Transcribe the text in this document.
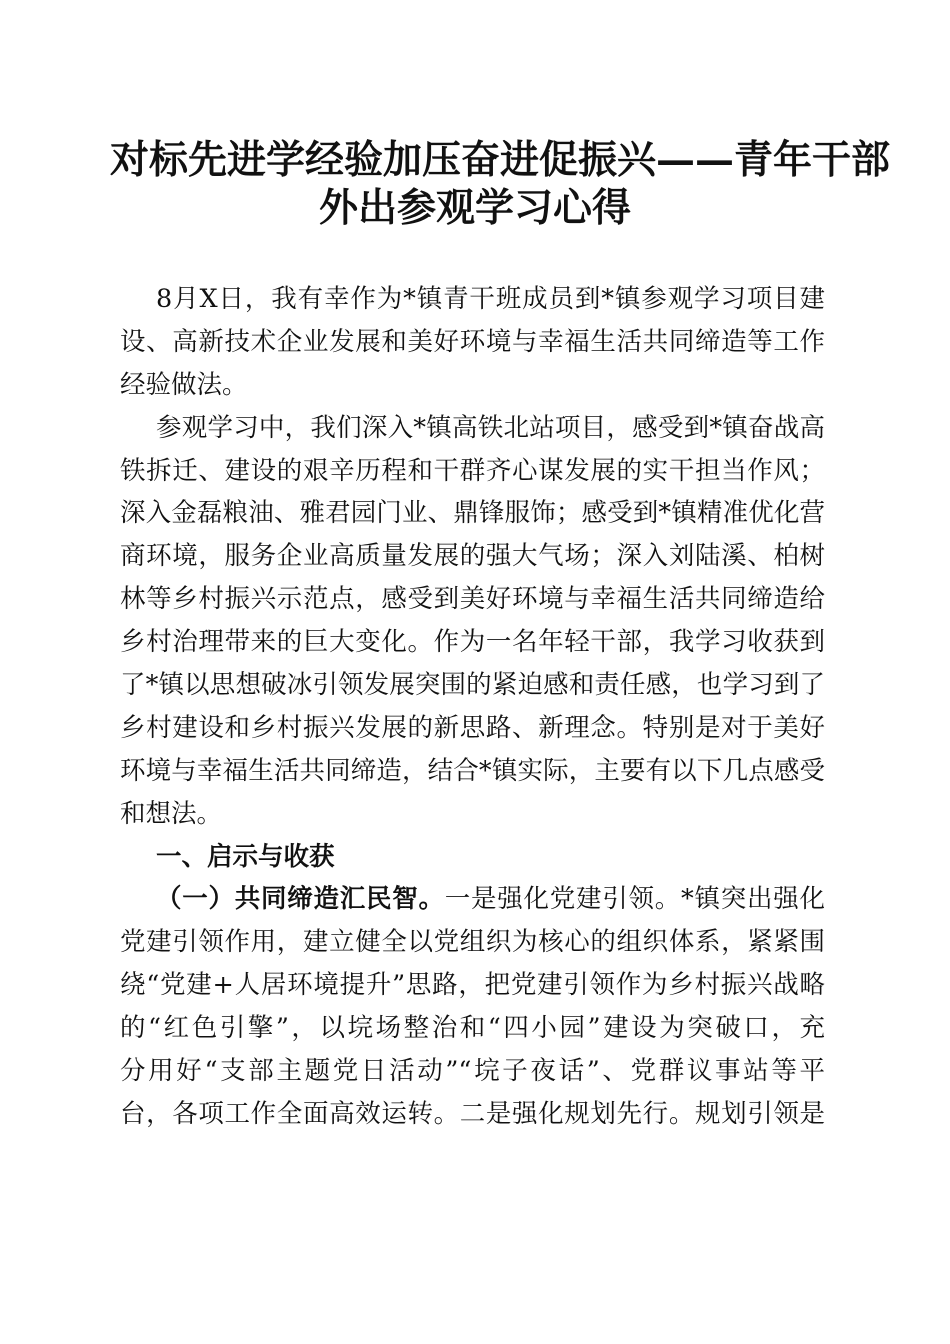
对标先进学经验加压奋进促振兴——青年干部
外出参观学习心得
8月X日，我有幸作为*镇青干班成员到*镇参观学习项目建
设、高新技术企业发展和美好环境与幸福生活共同缔造等工作
经验做法。
参观学习中，我们深入*镇高铁北站项目，感受到*镇奋战高
铁拆迁、建设的艰辛历程和干群齐心谋发展的实干担当作风；
深入金磊粮油、雅君园门业、鼎锋服饰；感受到*镇精准优化营
商环境，服务企业高质量发展的强大气场；深入刘陆溪、柏树
林等乡村振兴示范点，感受到美好环境与幸福生活共同缔造给
乡村治理带来的巨大变化。作为一名年轻干部，我学习收获到
了*镇以思想破冰引领发展突围的紧迫感和责任感，也学习到了
乡村建设和乡村振兴发展的新思路、新理念。特别是对于美好
环境与幸福生活共同缔造，结合*镇实际，主要有以下几点感受
和想法。
一、启示与收获
（一）共同缔造汇民智。一是强化党建引领。*镇突出强化
党建引领作用，建立健全以党组织为核心的组织体系，紧紧围
绕“党建+人居环境提升”思路，把党建引领作为乡村振兴战略
的“红色引擎”，以垸场整治和“四小园”建设为突破口，充
分用好“支部主题党日活动”“垸子夜话”、党群议事站等平
台，各项工作全面高效运转。二是强化规划先行。规划引领是
